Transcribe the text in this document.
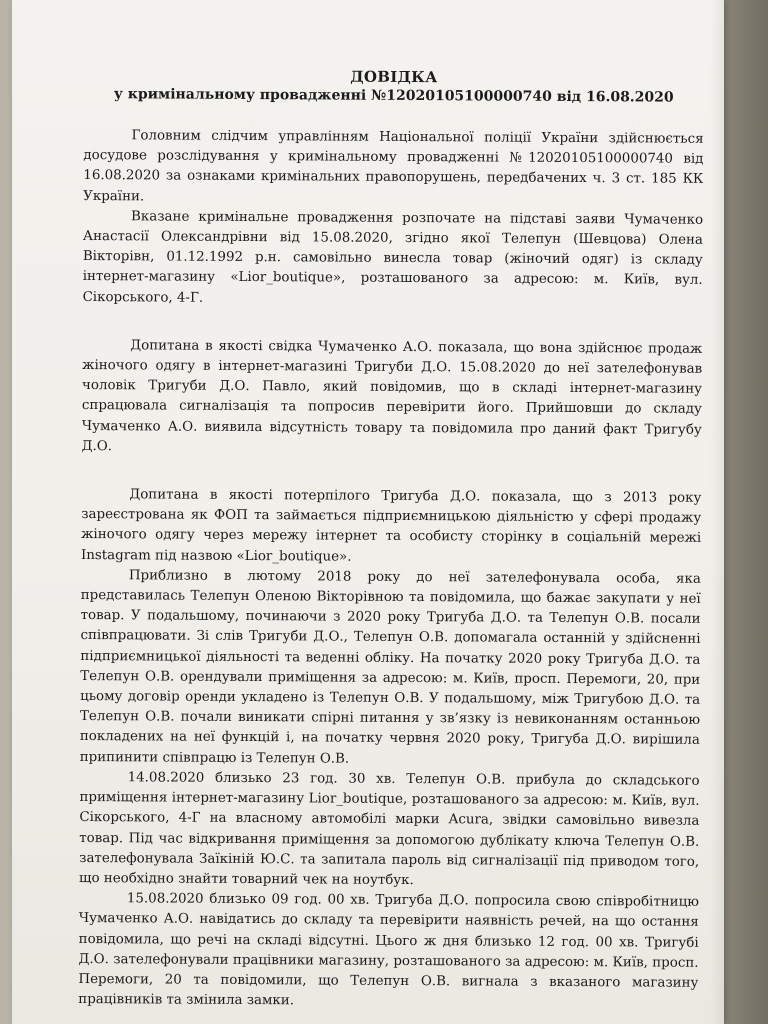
ДОВІДКА

у кримінальному провадженні №12020105100000740 від 16.08.2020

Головним слідчим управлінням Національної поліції України здійснюється досудове розслідування у кримінальному провадженні №12020105100000740 від 16.08.2020 за ознаками кримінальних правопорушень, передбачених ч. 3 ст. 185 КК України.

Вказане кримінальне провадження розпочате на підставі заяви Чумаченко Анастасії Олександрівни від 15.08.2020, згідно якої Телепун (Шевцова) Олена Вікторівн, 01.12.1992 р.н. самовільно винесла товар (жіночий одяг) із складу інтернет-магазину «Lior_boutique», розташованого за адресою: м. Київ, вул. Сікорського, 4-Г.

Допитана в якості свідка Чумаченко А.О. показала, що вона здійснює продаж жіночого одягу в інтернет-магазині Тригуби Д.О. 15.08.2020 до неї зателефонував чоловік Тригуби Д.О. Павло, який повідомив, що в складі інтернет-магазину спрацювала сигналізація та попросив перевірити його. Прийшовши до складу Чумаченко А.О. виявила відсутність товару та повідомила про даний факт Тригубу Д.О.

Допитана в якості потерпілого Тригуба Д.О. показала, що з 2013 року зареєстрована як ФОП та займається підприємницькою діяльністю у сфері продажу жіночого одягу через мережу інтернет та особисту сторінку в соціальній мережі Instagram під назвою «Lior_boutique».

Приблизно в лютому 2018 року до неї зателефонувала особа, яка представилась Телепун Оленою Вікторівною та повідомила, що бажає закупати у неї товар. У подальшому, починаючи з 2020 року Тригуба Д.О. та Телепун О.В. посали співпрацювати. Зі слів Тригуби Д.О., Телепун О.В. допомагала останній у здійсненні підприємницької діяльності та веденні обліку. На початку 2020 року Тригуба Д.О. та Телепун О.В. орендували приміщення за адресою: м. Київ, просп. Перемоги, 20, при цьому договір оренди укладено із Телепун О.В. У подальшому, між Тригубою Д.О. та Телепун О.В. почали виникати спірні питання у зв’язку із невиконанням останньою покладених на неї функцій і, на початку червня 2020 року, Тригуба Д.О. вирішила припинити співпрацю із Телепун О.В.

14.08.2020 близько 23 год. 30 хв. Телепун О.В. прибула до складського приміщення інтернет-магазину Lior_boutique, розташованого за адресою: м. Київ, вул. Сікорського, 4-Г на власному автомобілі марки Acura, звідки самовільно вивезла товар. Під час відкривання приміщення за допомогою дублікату ключа Телепун О.В. зателефонувала Заїкіній Ю.С. та запитала пароль від сигналізації під приводом того, що необхідно знайти товарний чек на ноутбук.

15.08.2020 близько 09 год. 00 хв. Тригуба Д.О. попросила свою співробітницю Чумаченко А.О. навідатись до складу та перевірити наявність речей, на що остання повідомила, що речі на складі відсутні. Цього ж дня близько 12 год. 00 хв. Тригубі Д.О. зателефонували працівники магазину, розташованого за адресою: м. Київ, просп. Перемоги, 20 та повідомили, що Телепун О.В. вигнала з вказаного магазину працівників та змінила замки.
